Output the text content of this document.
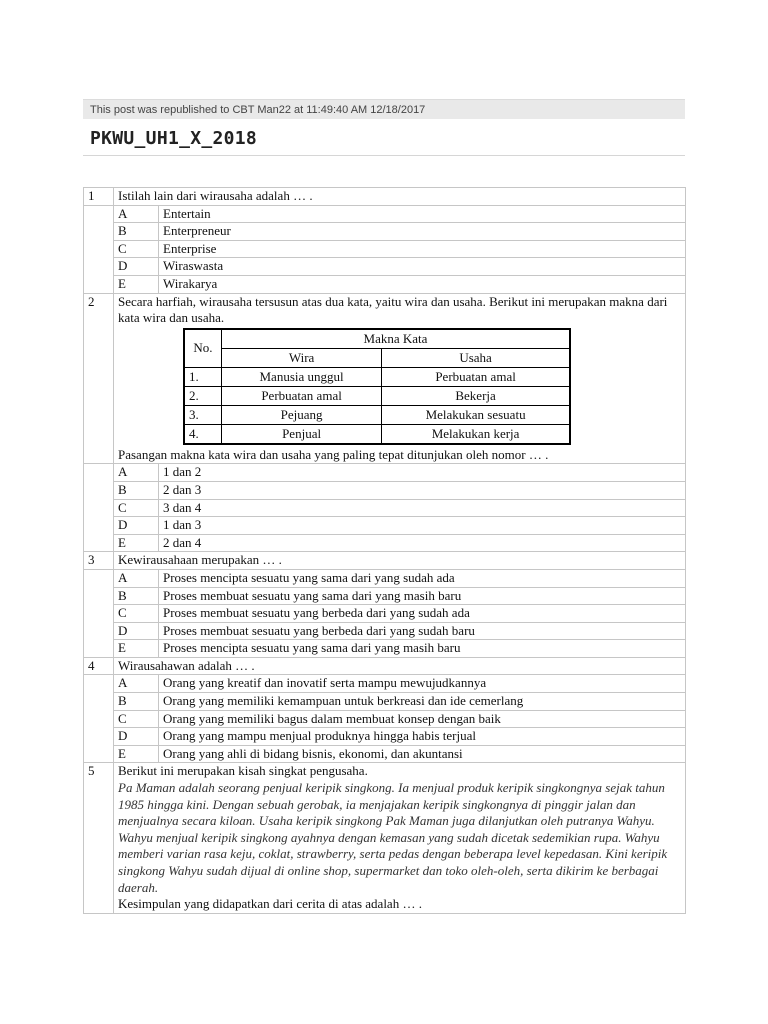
This post was republished to CBT Man22 at 11:49:40 AM 12/18/2017
PKWU_UH1_X_2018
1	Istilah lain dari wirausaha adalah … .
	A	Entertain
B	Enterpreneur
C	Enterprise
D	Wiraswasta
E	Wirakarya
2	Secara harfiah, wirausaha tersusun atas dua kata, yaitu wira dan usaha. Berikut ini merupakan makna dari kata wira dan usaha.
No.	Makna Kata
Wira	Usaha
1.	Manusia unggul	Perbuatan amal
2.	Perbuatan amal	Bekerja
3.	Pejuang	Melakukan sesuatu
4.	Penjual	Melakukan kerja
Pasangan makna kata wira dan usaha yang paling tepat ditunjukan oleh nomor … .

	A	1 dan 2
B	2 dan 3
C	3 dan 4
D	1 dan 3
E	2 dan 4
3	Kewirausahaan merupakan … .
	A	Proses mencipta sesuatu yang sama dari yang sudah ada
B	Proses membuat sesuatu yang sama dari yang masih baru
C	Proses membuat sesuatu yang berbeda dari yang sudah ada
D	Proses membuat sesuatu yang berbeda dari yang sudah baru
E	Proses mencipta sesuatu yang sama dari yang masih baru
4	Wirausahawan adalah … .
	A	Orang yang kreatif dan inovatif serta mampu mewujudkannya
B	Orang yang memiliki kemampuan untuk berkreasi dan ide cemerlang
C	Orang yang memiliki bagus dalam membuat konsep dengan baik
D	Orang yang mampu menjual produknya hingga habis terjual
E	Orang yang ahli di bidang bisnis, ekonomi, dan akuntansi
5	Berikut ini merupakan kisah singkat pengusaha.
Pa Maman adalah seorang penjual keripik singkong. Ia menjual produk keripik singkongnya sejak tahun 1985 hingga kini. Dengan sebuah gerobak, ia menjajakan keripik singkongnya di pinggir jalan dan menjualnya secara kiloan. Usaha keripik singkong Pak Maman juga dilanjutkan oleh putranya Wahyu. Wahyu menjual keripik singkong ayahnya dengan kemasan yang sudah dicetak sedemikian rupa. Wahyu memberi varian rasa keju, coklat, strawberry, serta pedas dengan beberapa level kepedasan. Kini keripik singkong Wahyu sudah dijual di online shop, supermarket dan toko oleh-oleh, serta dikirim ke berbagai daerah.
Kesimpulan yang didapatkan dari cerita di atas adalah … .
